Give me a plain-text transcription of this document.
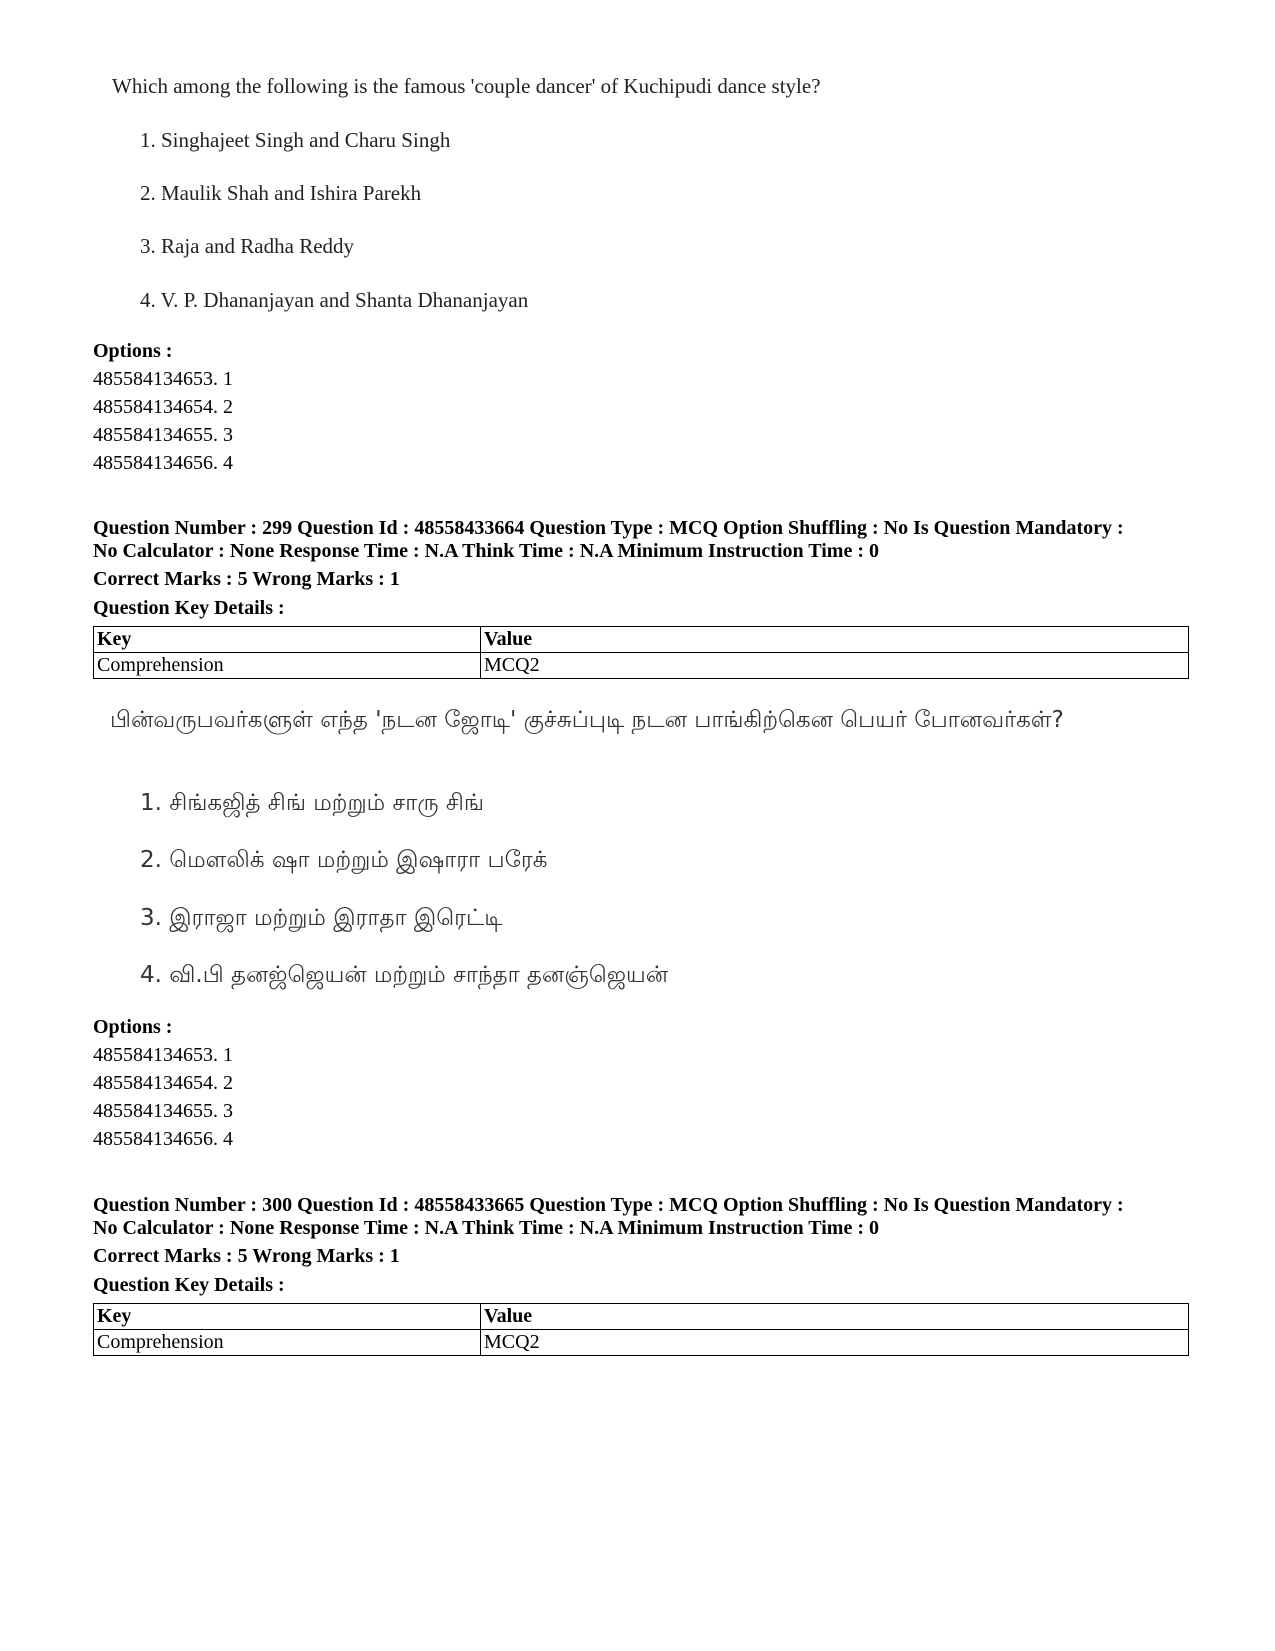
Which among the following is the famous 'couple dancer' of Kuchipudi dance style?
1. Singhajeet Singh and Charu Singh
2. Maulik Shah and Ishira Parekh
3. Raja and Radha Reddy
4. V. P. Dhananjayan and Shanta Dhananjayan
Options :
485584134653. 1
485584134654. 2
485584134655. 3
485584134656. 4
Question Number : 299 Question Id : 48558433664 Question Type : MCQ Option Shuffling : No Is Question Mandatory :
No Calculator : None Response Time : N.A Think Time : N.A Minimum Instruction Time : 0
Correct Marks : 5 Wrong Marks : 1
Question Key Details :
Key	Value
Comprehension	MCQ2
பின்வருபவர்களுள் எந்த 'நடன ஜோடி' குச்சுப்புடி நடன பாங்கிற்கென பெயர் போனவர்கள்?
1. சிங்கஜித் சிங் மற்றும் சாரு சிங்
2. மௌலிக் ஷா மற்றும் இஷாரா பரேக்
3. இராஜா மற்றும் இராதா இரெட்டி
4. வி.பி தனஜ்ஜெயன் மற்றும் சாந்தா தனஞ்ஜெயன்
Options :
485584134653. 1
485584134654. 2
485584134655. 3
485584134656. 4
Question Number : 300 Question Id : 48558433665 Question Type : MCQ Option Shuffling : No Is Question Mandatory :
No Calculator : None Response Time : N.A Think Time : N.A Minimum Instruction Time : 0
Correct Marks : 5 Wrong Marks : 1
Question Key Details :
Key	Value
Comprehension	MCQ2
